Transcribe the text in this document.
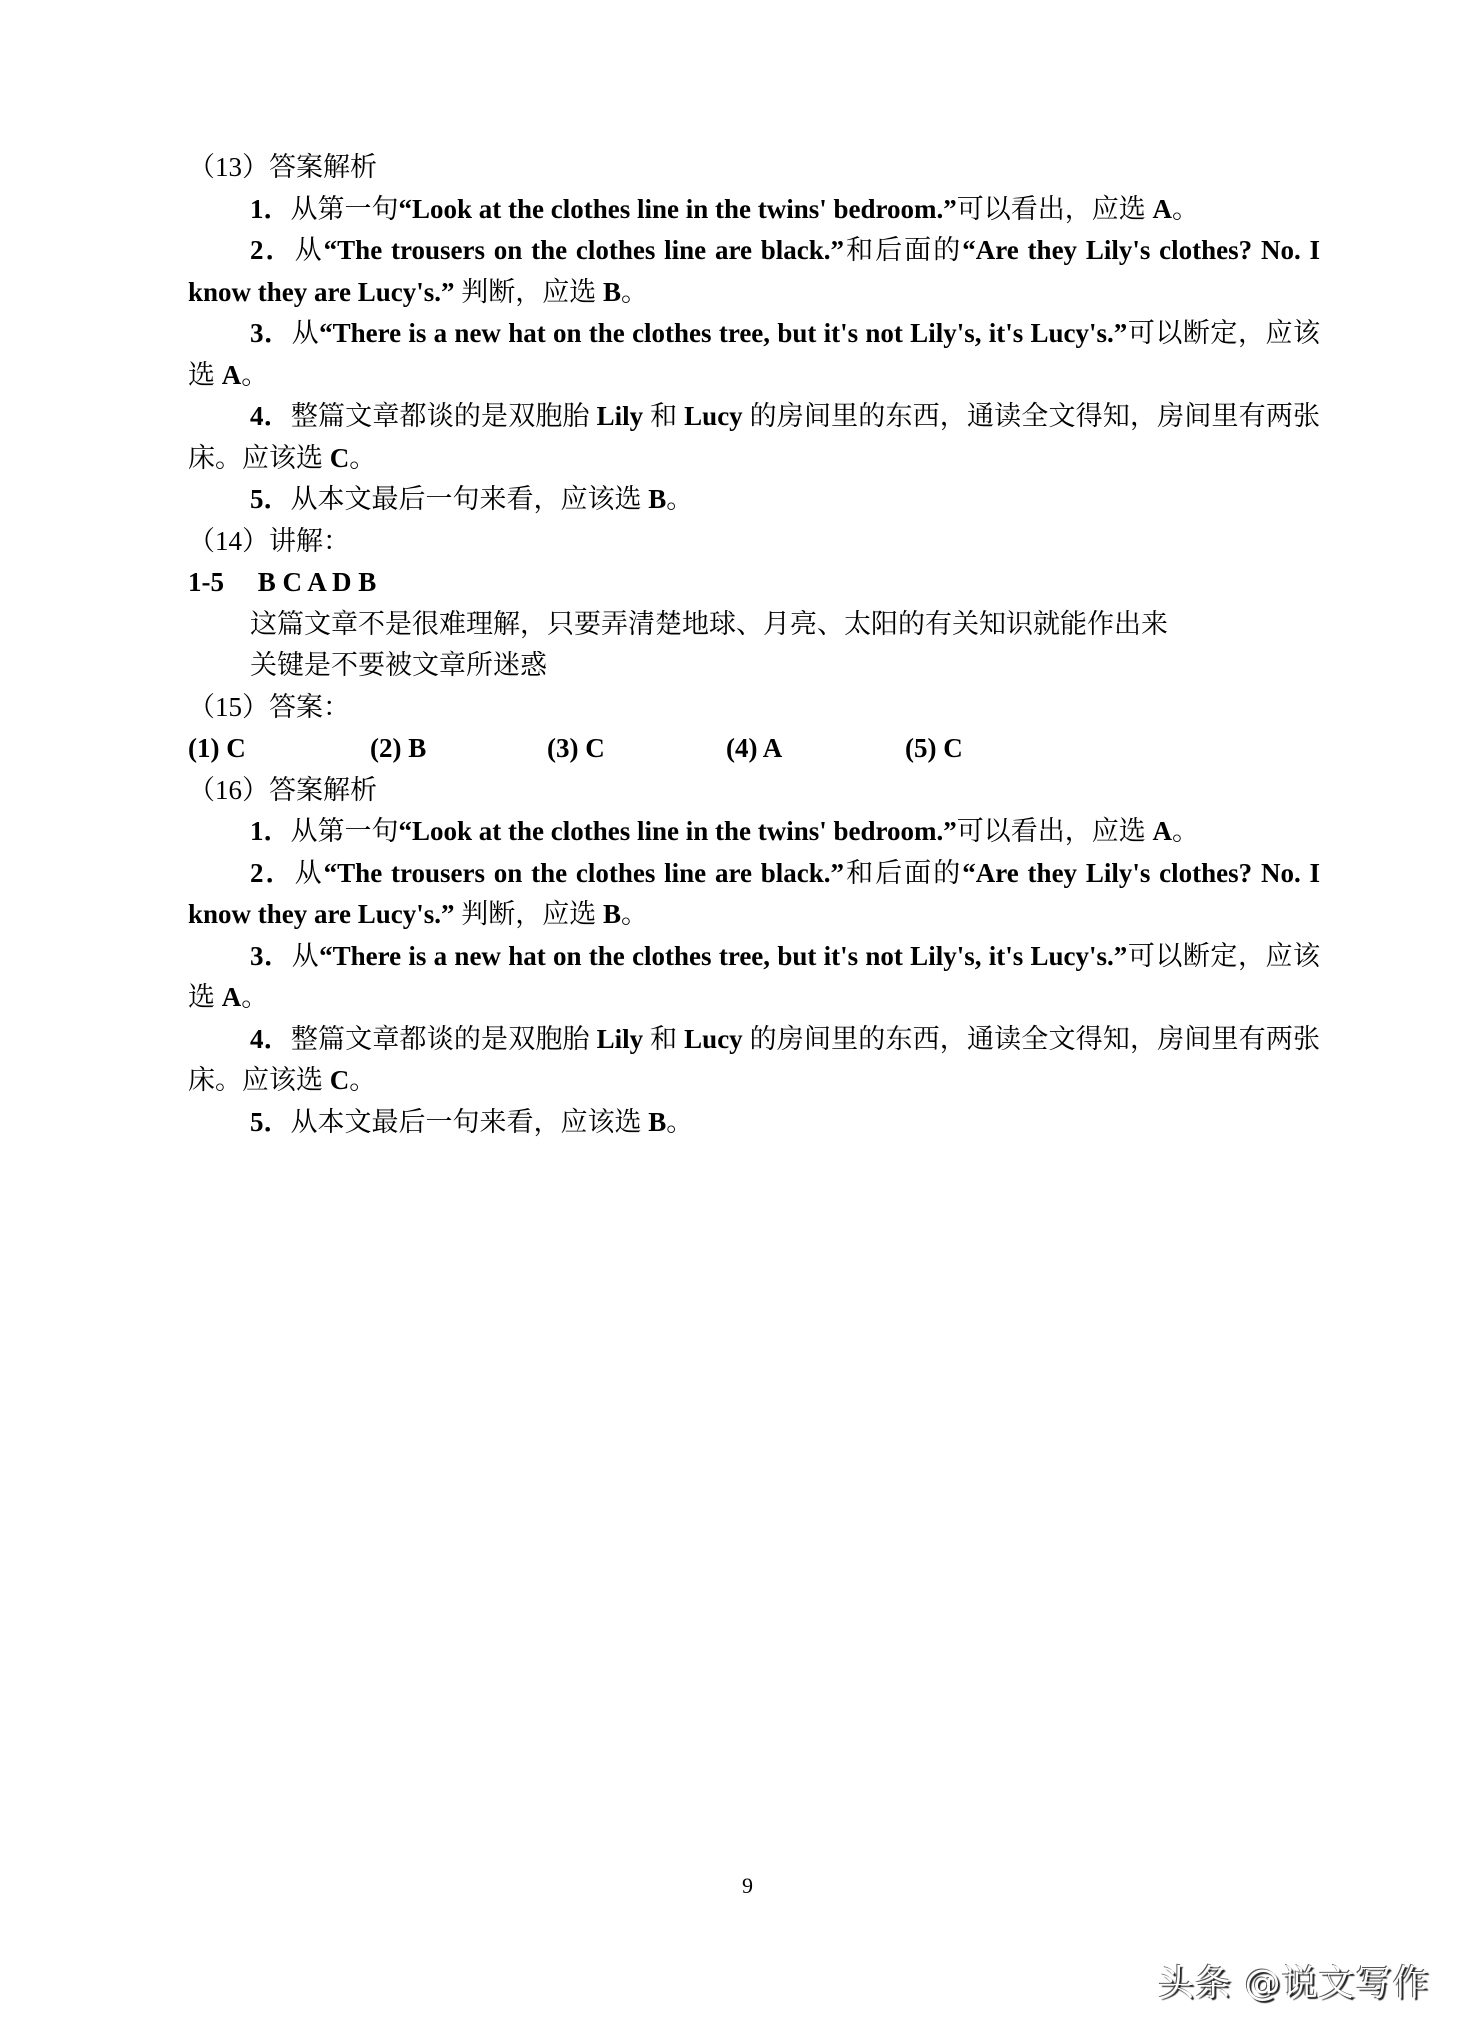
（13）答案解析

1．从第一句“Look at the clothes line in the twins' bedroom.”可以看出，应选 A。

2．从“The trousers on the clothes line are black.”和后面的“Are they Lily's clothes? No. I know they are Lucy's.” 判断，应选 B。

3．从“There is a new hat on the clothes tree, but it's not Lily's, it's Lucy's.”可以断定，应该选 A。

4．整篇文章都谈的是双胞胎 Lily 和 Lucy 的房间里的东西，通读全文得知，房间里有两张床。应该选 C。

5．从本文最后一句来看，应该选 B。

（14）讲解：

1-5     B C A D B

这篇文章不是很难理解，只要弄清楚地球、月亮、太阳的有关知识就能作出来

关键是不要被文章所迷惑

（15）答案：

(1) C	(2) B	(3) C	(4) A	(5) C

（16）答案解析

1．从第一句“Look at the clothes line in the twins' bedroom.”可以看出，应选 A。

2．从“The trousers on the clothes line are black.”和后面的“Are they Lily's clothes? No. I know they are Lucy's.” 判断，应选 B。

3．从“There is a new hat on the clothes tree, but it's not Lily's, it's Lucy's.”可以断定，应该选 A。

4．整篇文章都谈的是双胞胎 Lily 和 Lucy 的房间里的东西，通读全文得知，房间里有两张床。应该选 C。

5．从本文最后一句来看，应该选 B。

9
头条 @说文写作
